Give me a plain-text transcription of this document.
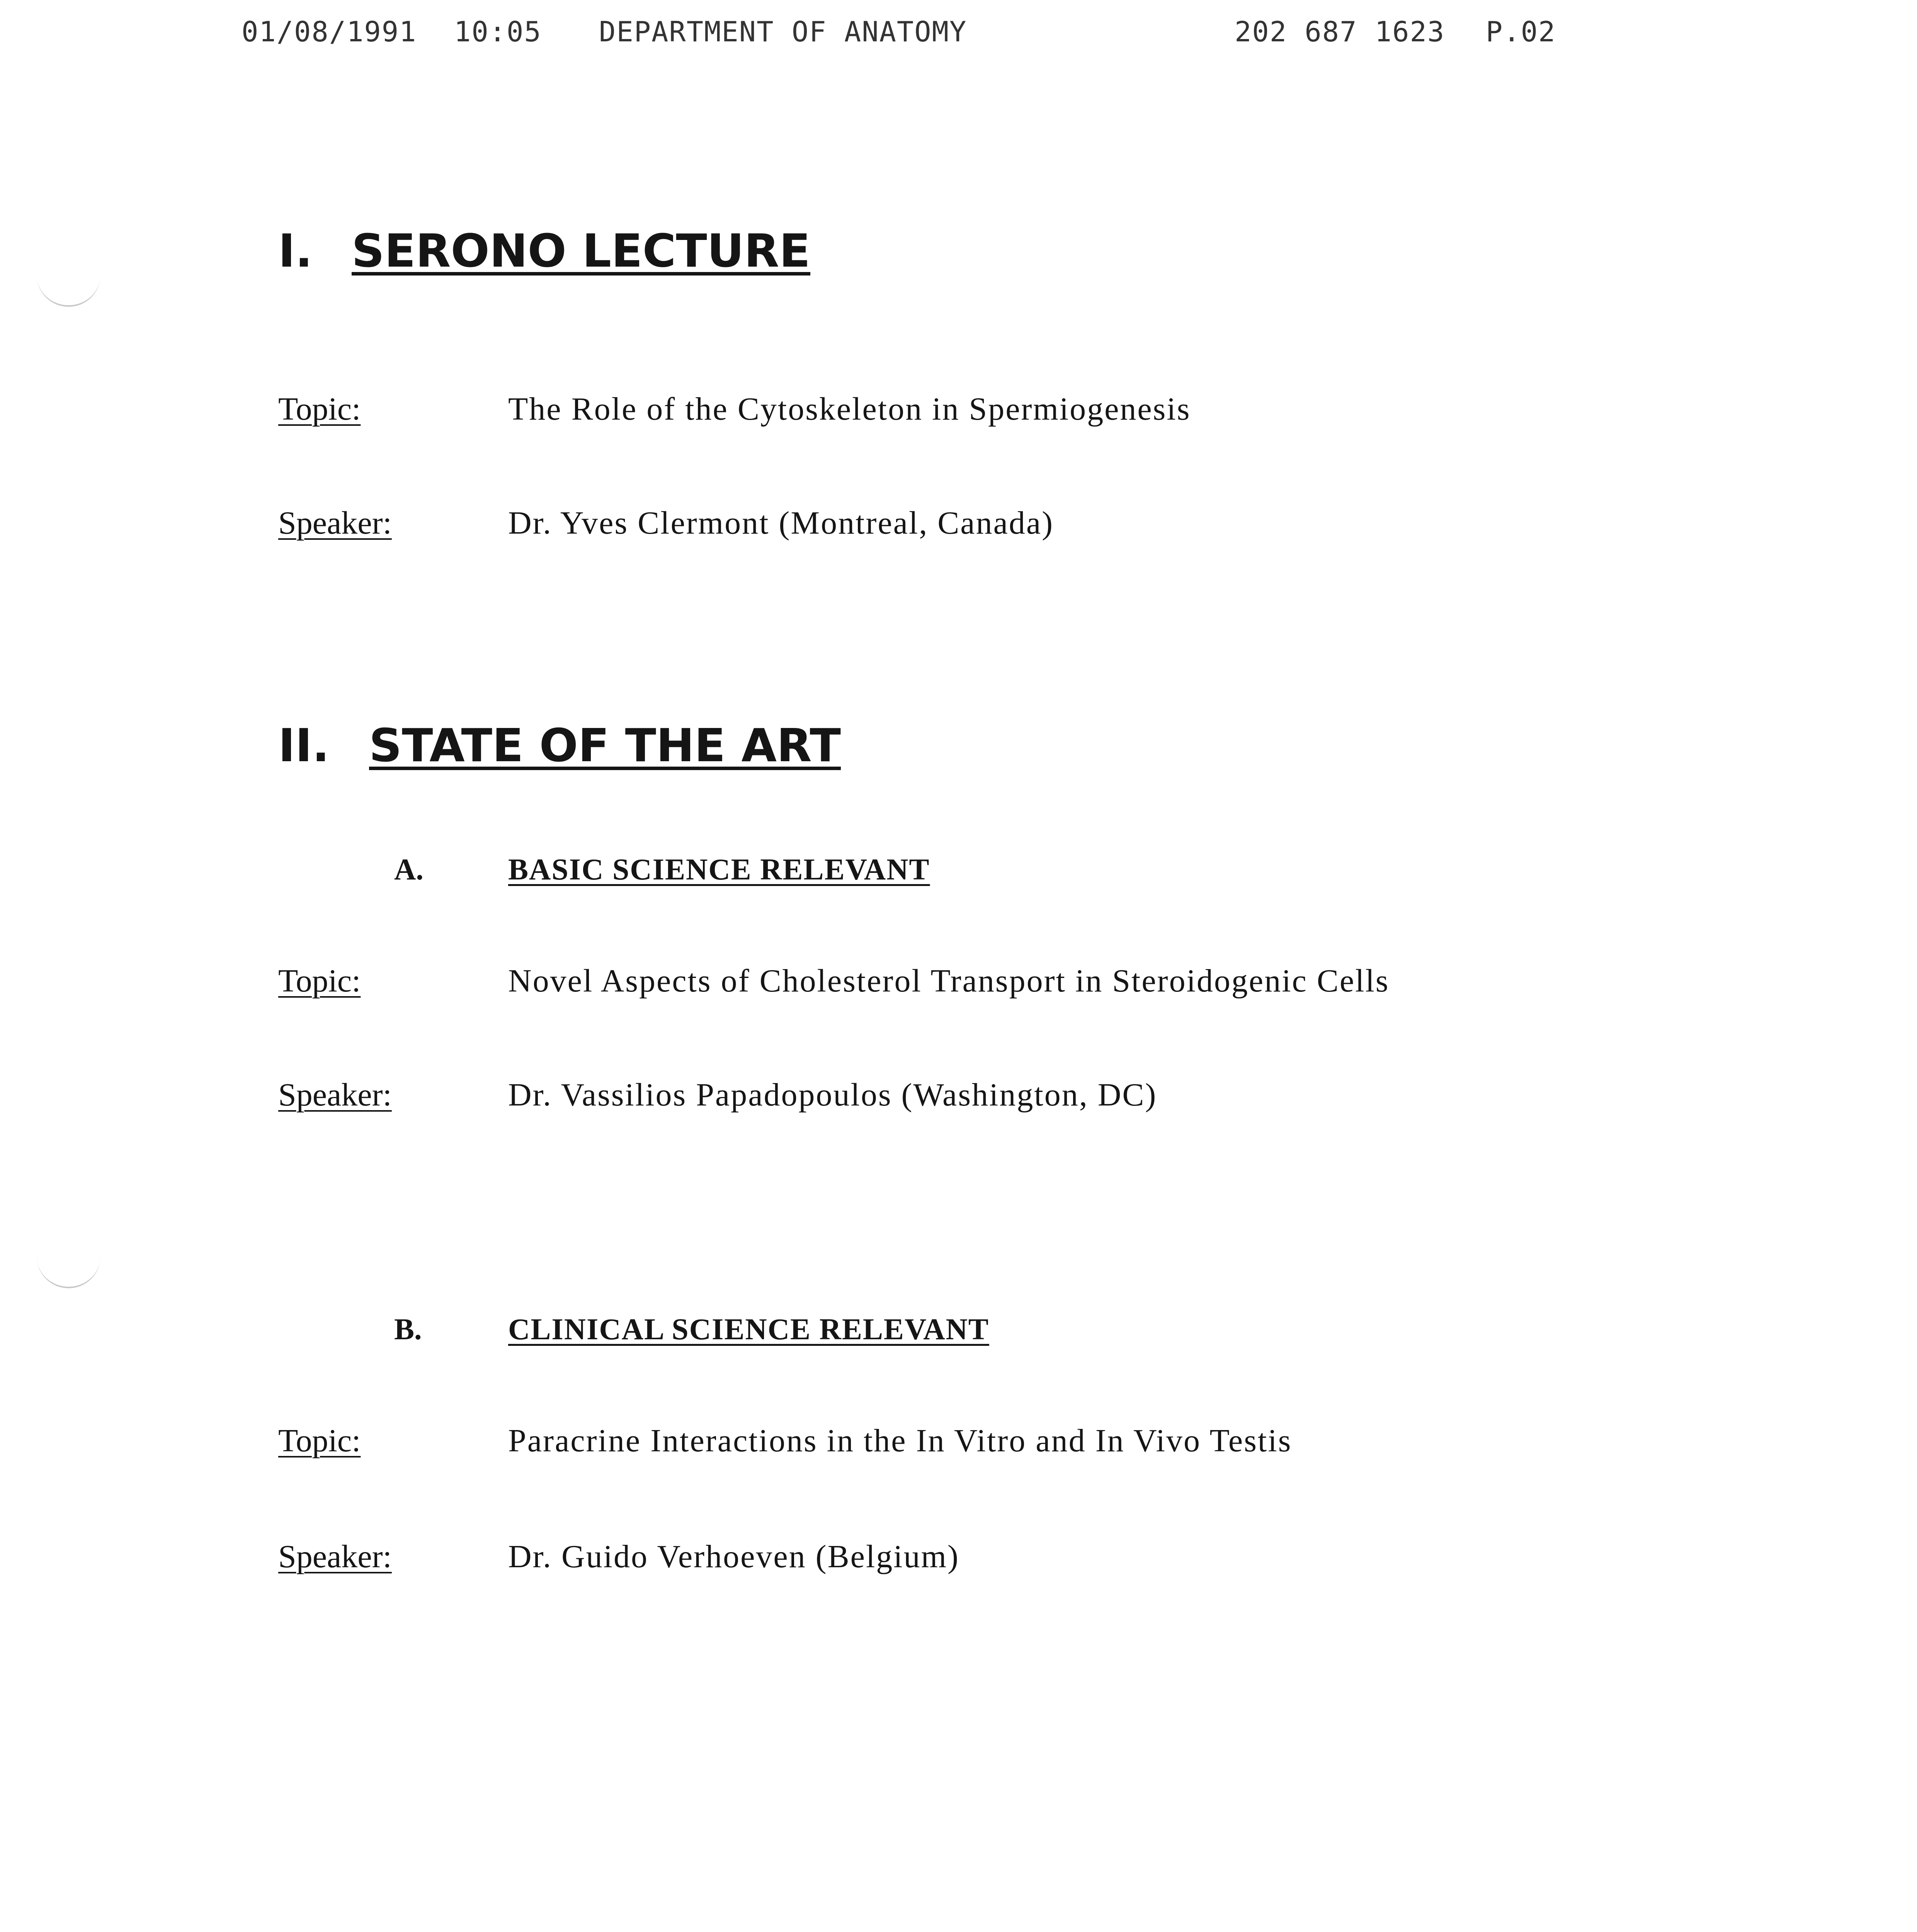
01/08/1991 10:05 DEPARTMENT OF ANATOMY	202 687 1623 P.02
I. SERONO LECTURE
Topic:	The Role of the Cytoskeleton in Spermiogenesis
Speaker:	Dr. Yves Clermont (Montreal, Canada)
II. STATE OF THE ART
A.	BASIC SCIENCE RELEVANT
Topic:	Novel Aspects of Cholesterol Transport in Steroidogenic Cells
Speaker:	Dr. Vassilios Papadopoulos (Washington, DC)
B.	CLINICAL SCIENCE RELEVANT
Topic:	Paracrine Interactions in the In Vitro and In Vivo Testis
Speaker:	Dr. Guido Verhoeven (Belgium)
